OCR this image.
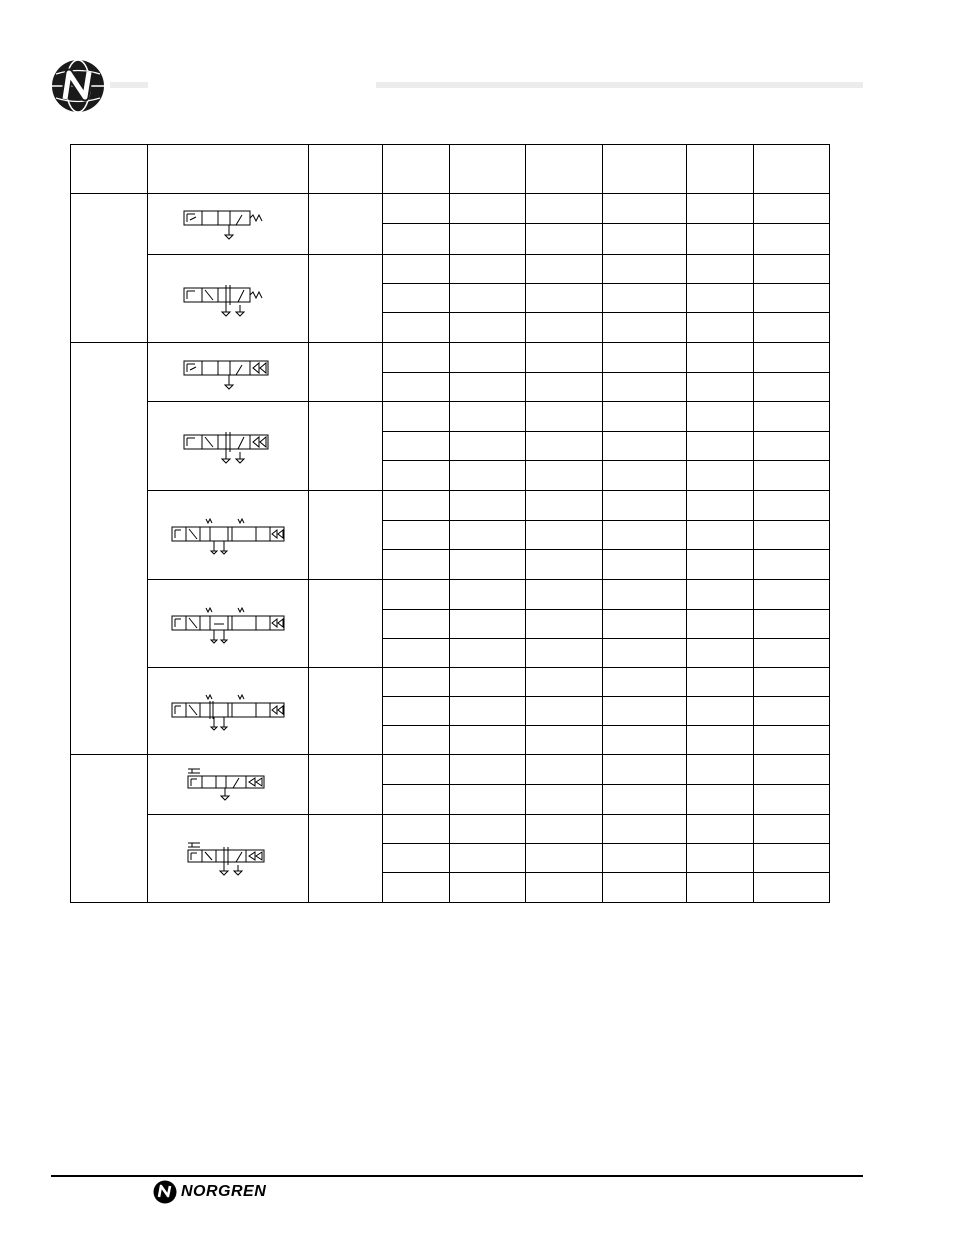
NORGREN
